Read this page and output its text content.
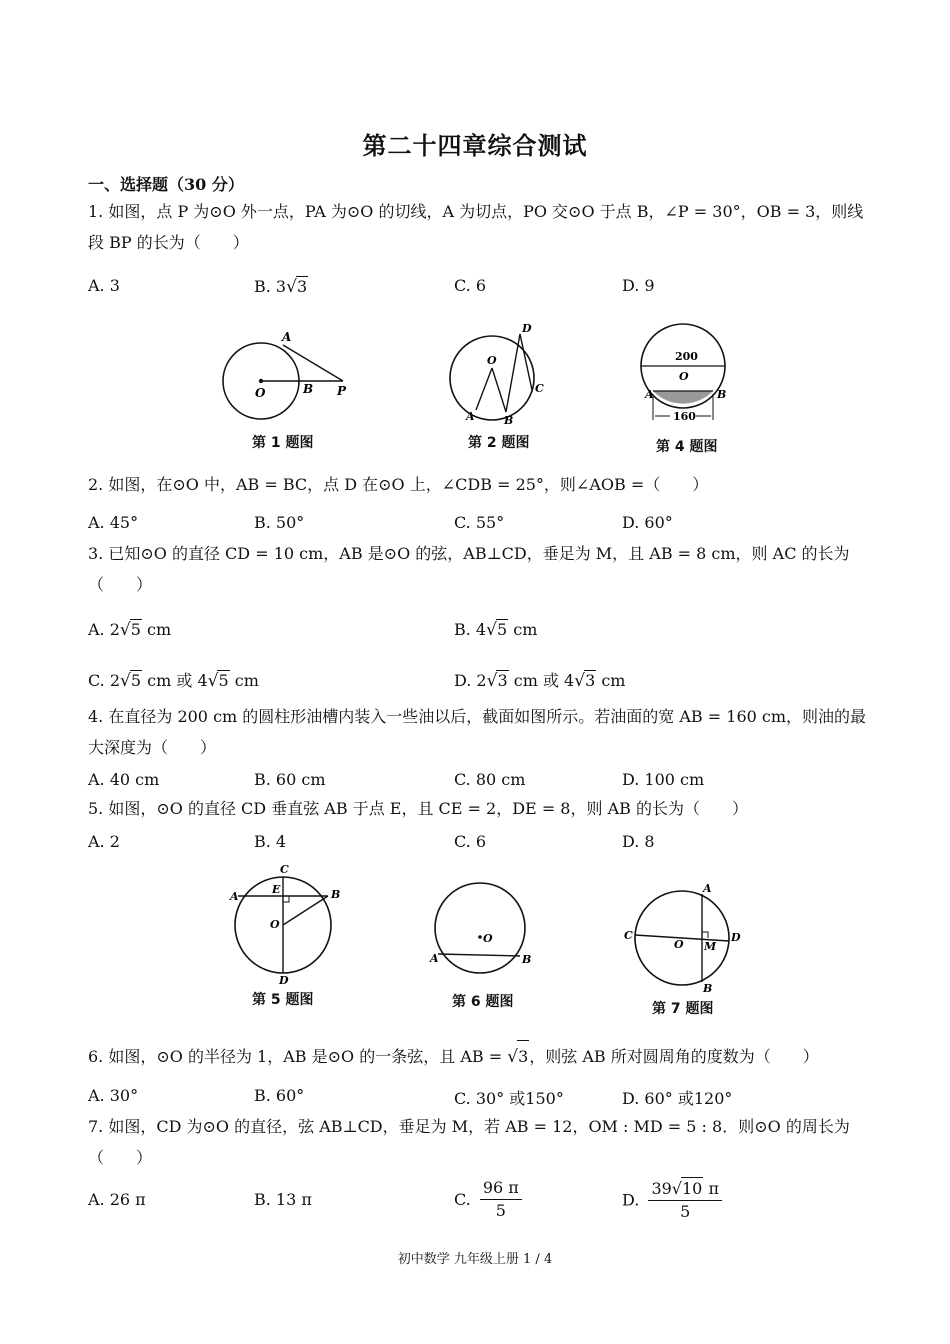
第二十四章综合测试
一、选择题（30 分）
1. 如图，点 P 为⊙O 外一点，PA 为⊙O 的切线，A 为切点，PO 交⊙O 于点 B，∠P = 30°，OB = 3，则线段 BP 的长为（　　）
A. 3	B. 3√3	C. 6	D. 9
A
O	B P
第 1 题图
D
O
C
A	B
第 2 题图
200
O
A	B
160
第 4 题图
2. 如图，在⊙O 中，AB = BC，点 D 在⊙O 上，∠CDB = 25°，则∠AOB =（　　）
A. 45°	B. 50°	C. 55°	D. 60°
3. 已知⊙O 的直径 CD = 10 cm，AB 是⊙O 的弦，AB⊥CD，垂足为 M，且 AB = 8 cm，则 AC 的长为（　　）
A. 2√5 cm	B. 4√5 cm
C. 2√5 cm 或 4√5 cm	D. 2√3 cm 或 4√3 cm
4. 在直径为 200 cm 的圆柱形油槽内装入一些油以后，截面如图所示。若油面的宽 AB = 160 cm，则油的最大深度为（　　）
A. 40 cm	B. 60 cm	C. 80 cm	D. 100 cm
5. 如图，⊙O 的直径 CD 垂直弦 AB 于点 E，且 CE = 2，DE = 8，则 AB 的长为（　　）
A. 2	B. 4	C. 6	D. 8
C
A
E	B
O
D
第 5 题图
O
A	B
第 6 题图
A
C
O M
D
B
第 7 题图
6. 如图，⊙O 的半径为 1，AB 是⊙O 的一条弦，且 AB = √3，则弦 AB 所对圆周角的度数为（　　）
A. 30°	B. 60°	C. 30° 或150°	D. 60° 或120°
7. 如图，CD 为⊙O 的直径，弦 AB⊥CD，垂足为 M，若 AB = 12，OM : MD = 5 : 8．则⊙O 的周长为（　　）
A. 26 π	B. 13 π	C. $\frac{96 \pi}{5}$	D. $\frac{39√10 \pi}{5}$
初中数学 九年级上册 1 / 4
